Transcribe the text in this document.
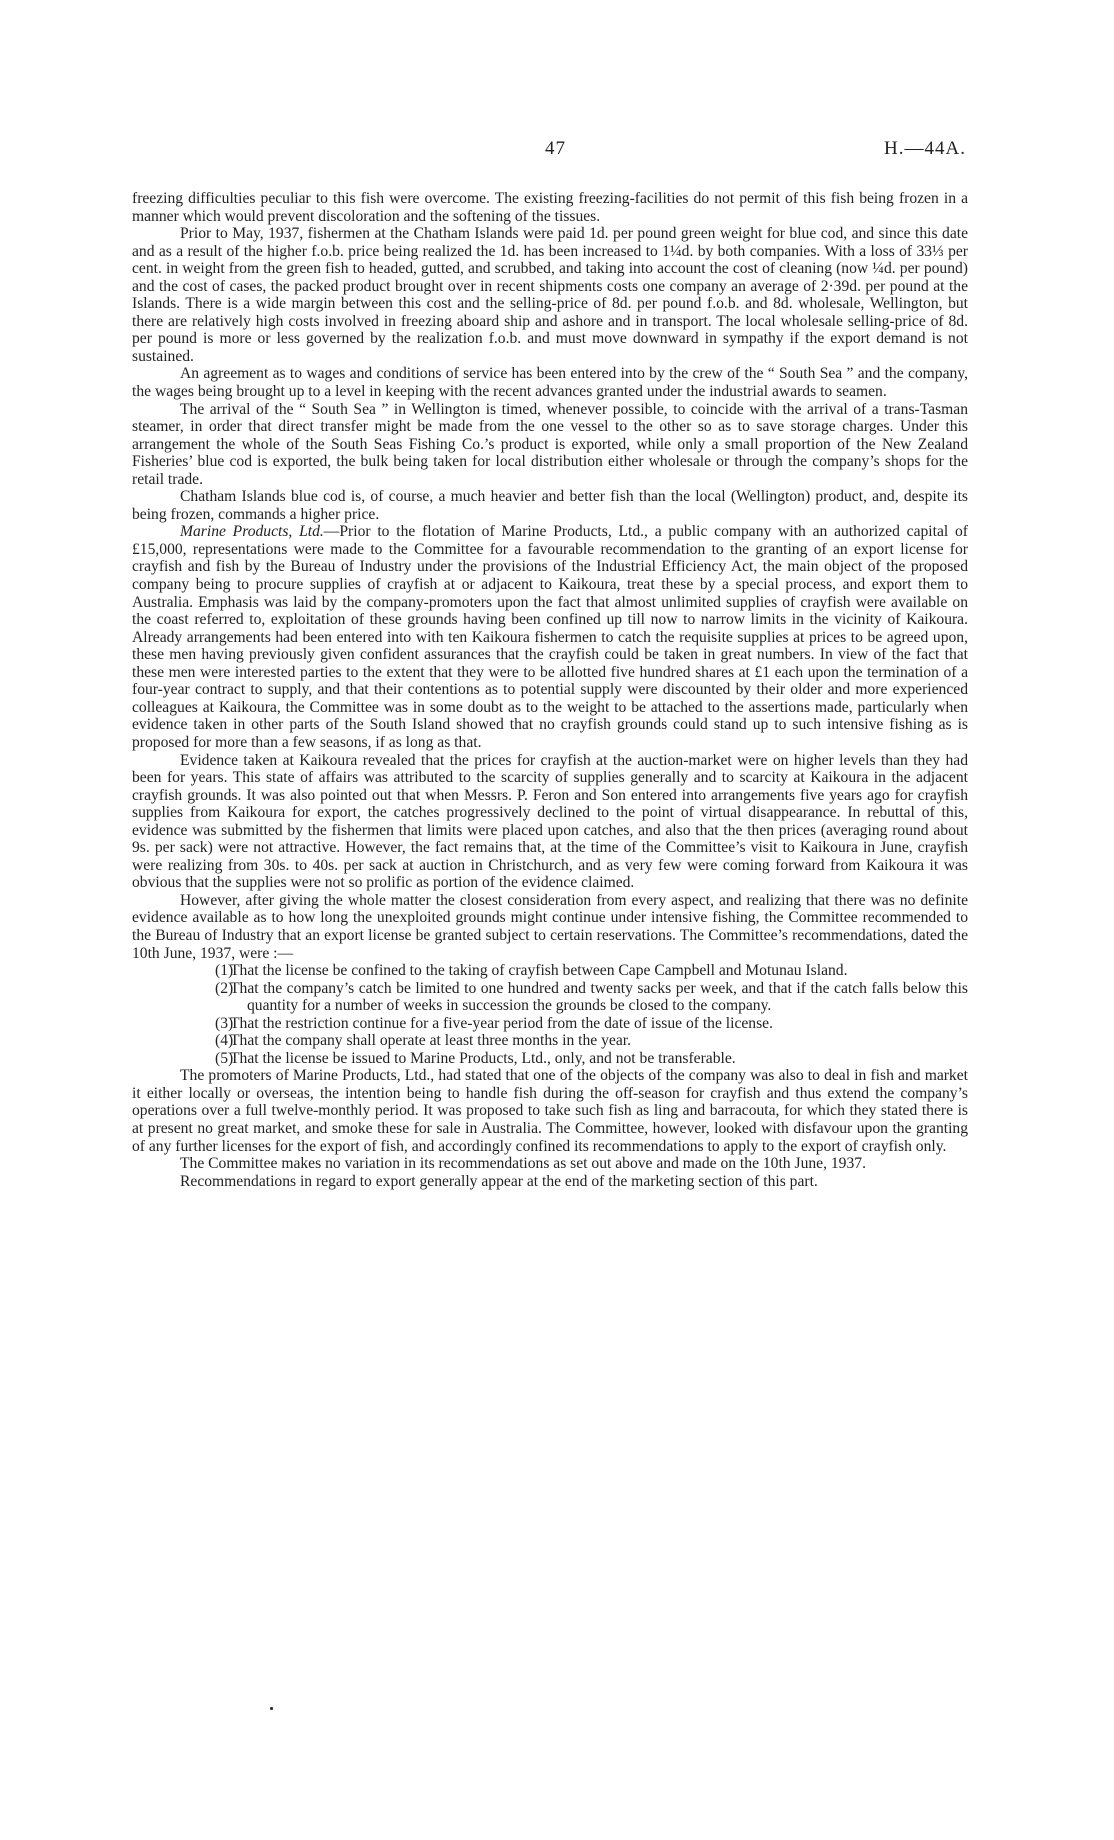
47	H.—44A.

freezing difficulties peculiar to this fish were overcome. The existing freezing-facilities do not permit of this fish being frozen in a manner which would prevent discoloration and the softening of the tissues.

Prior to May, 1937, fishermen at the Chatham Islands were paid 1d. per pound green weight for blue cod, and since this date and as a result of the higher f.o.b. price being realized the 1d. has been increased to 1¼d. by both companies. With a loss of 33⅓ per cent. in weight from the green fish to headed, gutted, and scrubbed, and taking into account the cost of cleaning (now ¼d. per pound) and the cost of cases, the packed product brought over in recent shipments costs one company an average of 2·39d. per pound at the Islands. There is a wide margin between this cost and the selling-price of 8d. per pound f.o.b. and 8d. wholesale, Wellington, but there are relatively high costs involved in freezing aboard ship and ashore and in transport. The local wholesale selling-price of 8d. per pound is more or less governed by the realization f.o.b. and must move downward in sympathy if the export demand is not sustained.

An agreement as to wages and conditions of service has been entered into by the crew of the “ South Sea ” and the company, the wages being brought up to a level in keeping with the recent advances granted under the industrial awards to seamen.

The arrival of the “ South Sea ” in Wellington is timed, whenever possible, to coincide with the arrival of a trans-Tasman steamer, in order that direct transfer might be made from the one vessel to the other so as to save storage charges. Under this arrangement the whole of the South Seas Fishing Co.’s product is exported, while only a small proportion of the New Zealand Fisheries’ blue cod is exported, the bulk being taken for local distribution either wholesale or through the company’s shops for the retail trade.

Chatham Islands blue cod is, of course, a much heavier and better fish than the local (Wellington) product, and, despite its being frozen, commands a higher price.

Marine Products, Ltd.—Prior to the flotation of Marine Products, Ltd., a public company with an authorized capital of £15,000, representations were made to the Committee for a favourable recommendation to the granting of an export license for crayfish and fish by the Bureau of Industry under the provisions of the Industrial Efficiency Act, the main object of the proposed company being to procure supplies of crayfish at or adjacent to Kaikoura, treat these by a special process, and export them to Australia. Emphasis was laid by the company-promoters upon the fact that almost unlimited supplies of crayfish were available on the coast referred to, exploitation of these grounds having been confined up till now to narrow limits in the vicinity of Kaikoura. Already arrangements had been entered into with ten Kaikoura fishermen to catch the requisite supplies at prices to be agreed upon, these men having previously given confident assurances that the crayfish could be taken in great numbers. In view of the fact that these men were interested parties to the extent that they were to be allotted five hundred shares at £1 each upon the termination of a four-year contract to supply, and that their contentions as to potential supply were discounted by their older and more experienced colleagues at Kaikoura, the Committee was in some doubt as to the weight to be attached to the assertions made, particularly when evidence taken in other parts of the South Island showed that no crayfish grounds could stand up to such intensive fishing as is proposed for more than a few seasons, if as long as that.

Evidence taken at Kaikoura revealed that the prices for crayfish at the auction-market were on higher levels than they had been for years. This state of affairs was attributed to the scarcity of supplies generally and to scarcity at Kaikoura in the adjacent crayfish grounds. It was also pointed out that when Messrs. P. Feron and Son entered into arrangements five years ago for crayfish supplies from Kaikoura for export, the catches progressively declined to the point of virtual disappearance. In rebuttal of this, evidence was submitted by the fishermen that limits were placed upon catches, and also that the then prices (averaging round about 9s. per sack) were not attractive. However, the fact remains that, at the time of the Committee’s visit to Kaikoura in June, crayfish were realizing from 30s. to 40s. per sack at auction in Christchurch, and as very few were coming forward from Kaikoura it was obvious that the supplies were not so prolific as portion of the evidence claimed.

However, after giving the whole matter the closest consideration from every aspect, and realizing that there was no definite evidence available as to how long the unexploited grounds might continue under intensive fishing, the Committee recommended to the Bureau of Industry that an export license be granted subject to certain reservations. The Committee’s recommendations, dated the 10th June, 1937, were :—

(1)
That the license be confined to the taking of crayfish between Cape Campbell and Motunau Island.
(2)
That the company’s catch be limited to one hundred and twenty sacks per week, and that if the catch falls below this quantity for a number of weeks in succession the grounds be closed to the company.
(3)
That the restriction continue for a five-year period from the date of issue of the license.
(4)
That the company shall operate at least three months in the year.
(5)
That the license be issued to Marine Products, Ltd., only, and not be transferable.

The promoters of Marine Products, Ltd., had stated that one of the objects of the company was also to deal in fish and market it either locally or overseas, the intention being to handle fish during the off-season for crayfish and thus extend the company’s operations over a full twelve-monthly period. It was proposed to take such fish as ling and barracouta, for which they stated there is at present no great market, and smoke these for sale in Australia. The Committee, however, looked with disfavour upon the granting of any further licenses for the export of fish, and accordingly confined its recommendations to apply to the export of crayfish only.

The Committee makes no variation in its recommendations as set out above and made on the 10th June, 1937.

Recommendations in regard to export generally appear at the end of the marketing section of this part.
